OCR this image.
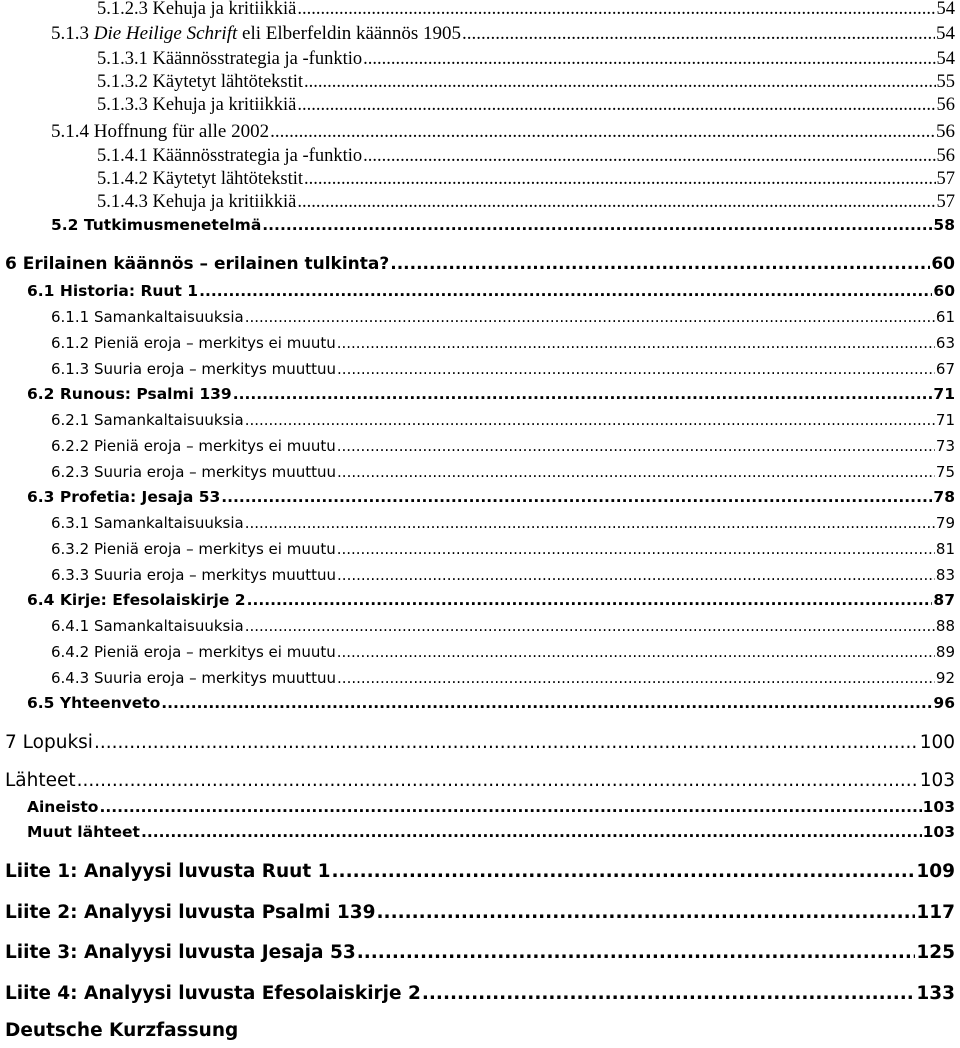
5.1.2.3 Kehuja ja kritiikkiä .....	54
5.1.3 Die Heilige Schrift eli Elberfeldin käännös 1905 .....	54
5.1.3.1 Käännösstrategia ja -funktio .....	54
5.1.3.2 Käytetyt lähtötekstit .....	55
5.1.3.3 Kehuja ja kritiikkiä .....	56
5.1.4 Hoffnung für alle 2002 .....	56
5.1.4.1 Käännösstrategia ja -funktio .....	56
5.1.4.2 Käytetyt lähtötekstit .....	57
5.1.4.3 Kehuja ja kritiikkiä .....	57
5.2 Tutkimusmenetelmä .....	58
6 Erilainen käännös – erilainen tulkinta? .....	60
6.1 Historia: Ruut 1 .....	60
6.1.1 Samankaltaisuuksia .....	61
6.1.2 Pieniä eroja – merkitys ei muutu .....	63
6.1.3 Suuria eroja – merkitys muuttuu .....	67
6.2 Runous: Psalmi 139 .....	71
6.2.1 Samankaltaisuuksia .....	71
6.2.2 Pieniä eroja – merkitys ei muutu .....	73
6.2.3 Suuria eroja – merkitys muuttuu .....	75
6.3 Profetia: Jesaja 53 .....	78
6.3.1 Samankaltaisuuksia .....	79
6.3.2 Pieniä eroja – merkitys ei muutu .....	81
6.3.3 Suuria eroja – merkitys muuttuu .....	83
6.4 Kirje: Efesolaiskirje 2 .....	87
6.4.1 Samankaltaisuuksia .....	88
6.4.2 Pieniä eroja – merkitys ei muutu .....	89
6.4.3 Suuria eroja – merkitys muuttuu .....	92
6.5 Yhteenveto .....	96
7 Lopuksi .....	100
Lähteet .....	103
Aineisto .....	103
Muut lähteet .....	103
Liite 1: Analyysi luvusta Ruut 1 .....	109
Liite 2: Analyysi luvusta Psalmi 139 .....	117
Liite 3: Analyysi luvusta Jesaja 53 .....	125
Liite 4: Analyysi luvusta Efesolaiskirje 2 .....	133
Deutsche Kurzfassung
